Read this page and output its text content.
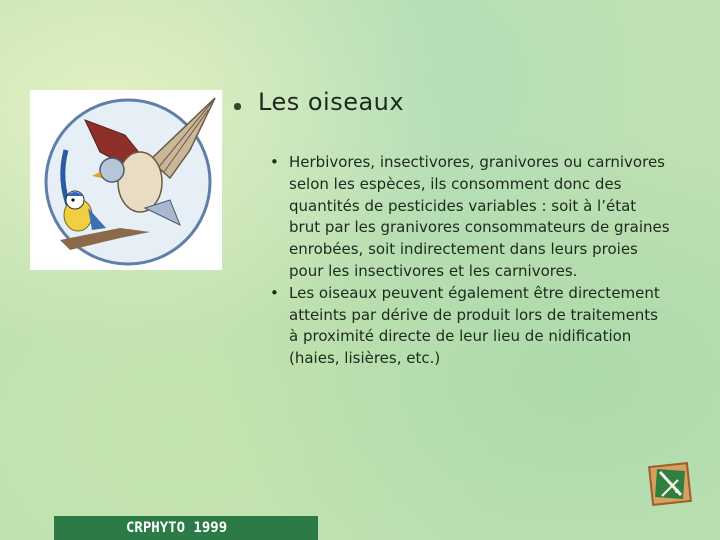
Les oiseaux
• Herbivores, insectivores, granivores ou carnivores selon les espèces, ils consomment donc des quantités de pesticides variables : soit à l’état brut par les granivores consommateurs de graines enrobées, soit indirectement dans leurs proies pour les insectivores et les carnivores.
• Les oiseaux peuvent également être directement atteints par dérive de produit lors de traitements à proximité directe de leur lieu de nidification (haies, lisières, etc.)
CRPHYTO 1999
